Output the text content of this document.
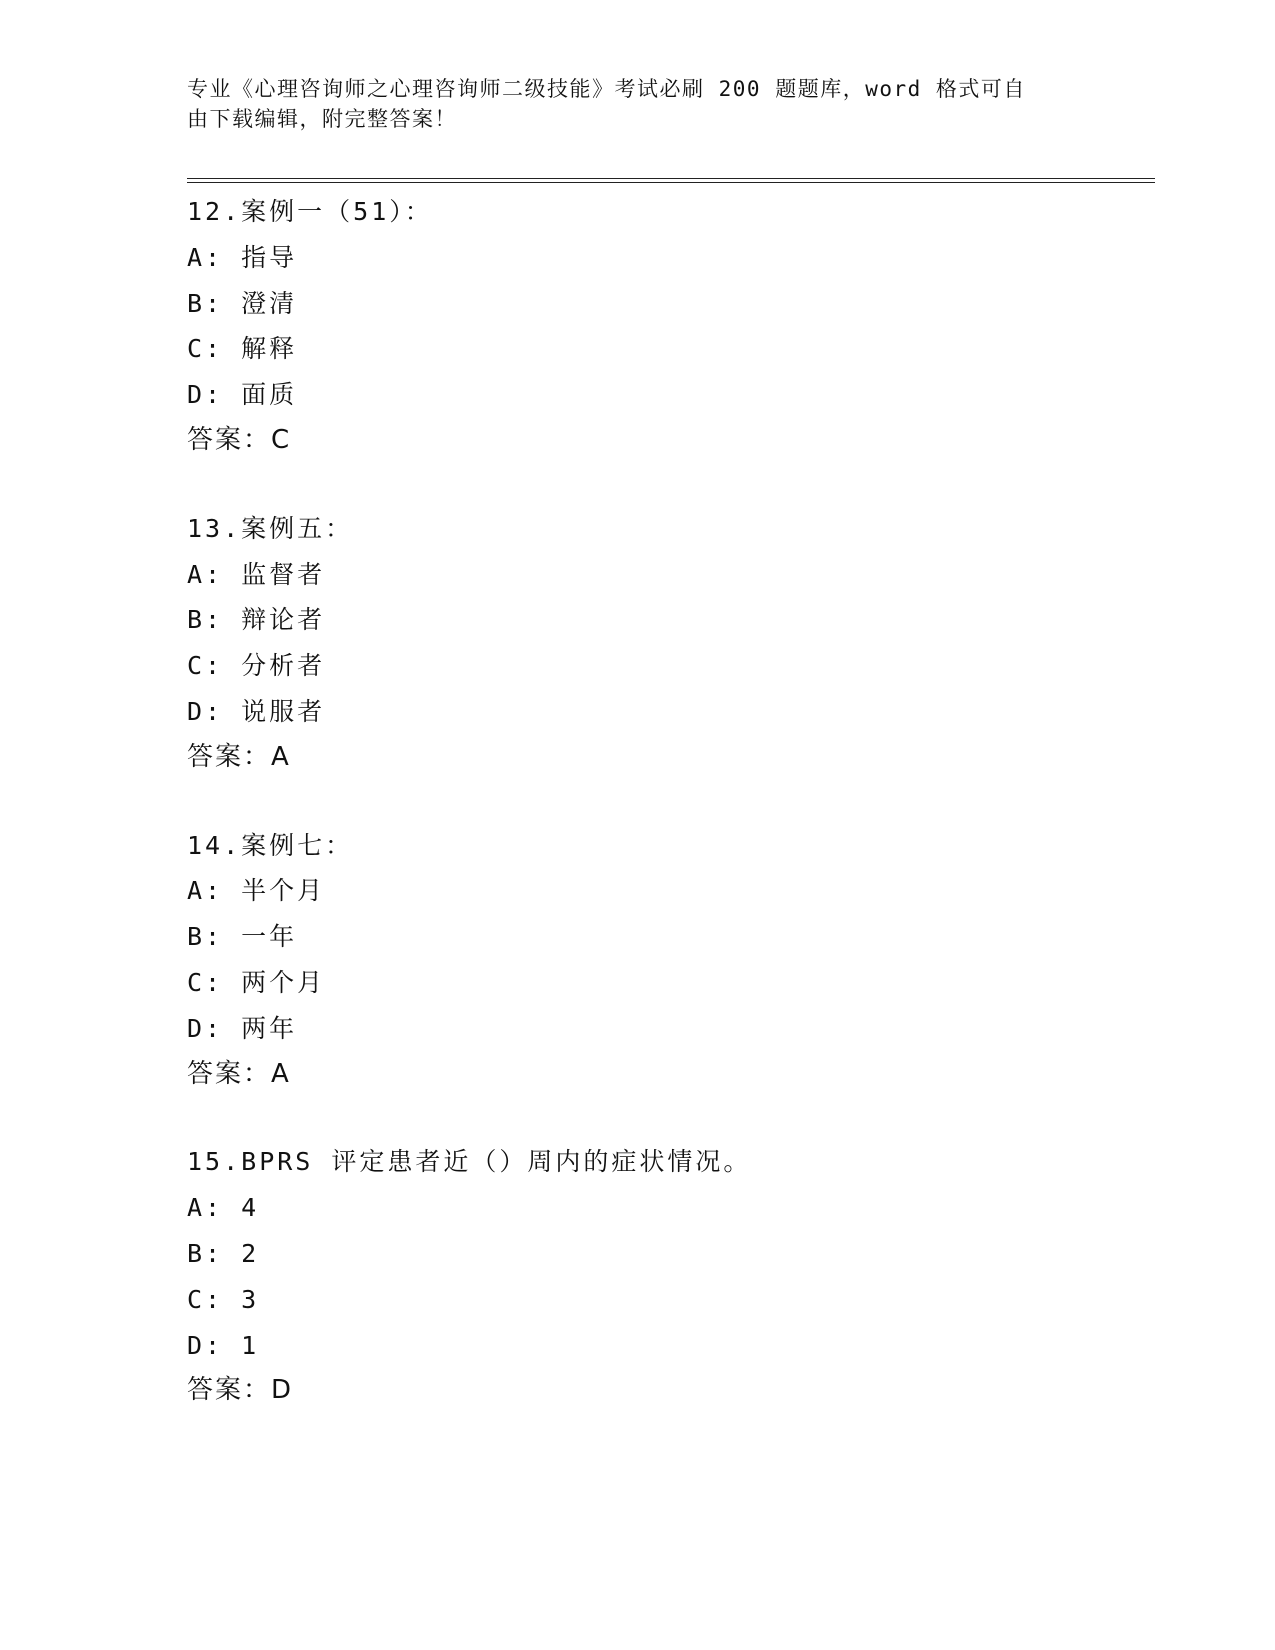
专业《心理咨询师之心理咨询师二级技能》考试必刷 200 题题库，word 格式可自
由下载编辑，附完整答案！
12.案例一（51）：
A: 指导
B: 澄清
C: 解释
D: 面质
答案：C
13.案例五：
A: 监督者
B: 辩论者
C: 分析者
D: 说服者
答案：A
14.案例七：
A: 半个月
B: 一年
C: 两个月
D: 两年
答案：A
15.BPRS 评定患者近（）周内的症状情况。
A: 4
B: 2
C: 3
D: 1
答案：D
